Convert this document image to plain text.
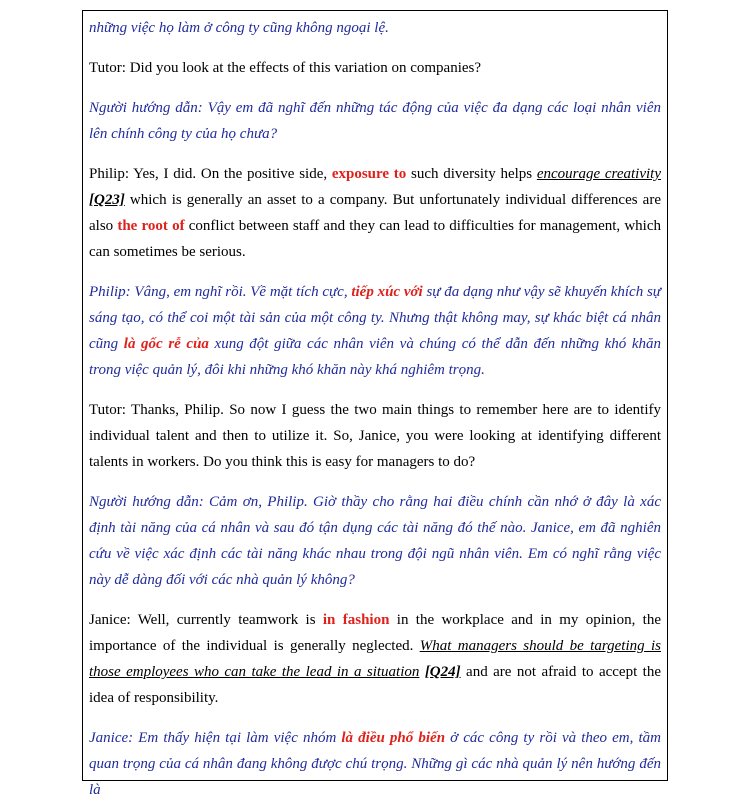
những việc họ làm ở công ty cũng không ngoại lệ.

Tutor: Did you look at the effects of this variation on companies?

Người hướng dẫn: Vậy em đã nghĩ đến những tác động của việc đa dạng các loại nhân viên lên chính công ty của họ chưa?

Philip: Yes, I did. On the positive side, exposure to such diversity helps encourage creativity [Q23] which is generally an asset to a company. But unfortunately individual differences are also the root of conflict between staff and they can lead to difficulties for management, which can sometimes be serious.

Philip: Vâng, em nghĩ rồi. Về mặt tích cực, tiếp xúc với sự đa dạng như vậy sẽ khuyến khích sự sáng tạo, có thể coi một tài sản của một công ty. Nhưng thật không may, sự khác biệt cá nhân cũng là gốc rễ của xung đột giữa các nhân viên và chúng có thể dẫn đến những khó khăn trong việc quản lý, đôi khi những khó khăn này khá nghiêm trọng.

Tutor: Thanks, Philip. So now I guess the two main things to remember here are to identify individual talent and then to utilize it. So, Janice, you were looking at identifying different talents in workers. Do you think this is easy for managers to do?

Người hướng dẫn: Cảm ơn, Philip. Giờ thầy cho rằng hai điều chính cần nhớ ở đây là xác định tài năng của cá nhân và sau đó tận dụng các tài năng đó thế nào. Janice, em đã nghiên cứu về việc xác định các tài năng khác nhau trong đội ngũ nhân viên. Em có nghĩ rằng việc này dễ dàng đối với các nhà quản lý không?

Janice: Well, currently teamwork is in fashion in the workplace and in my opinion, the importance of the individual is generally neglected. What managers should be targeting is those employees who can take the lead in a situation [Q24] and are not afraid to accept the idea of responsibility.

Janice: Em thấy hiện tại làm việc nhóm là điều phổ biến ở các công ty rồi và theo em, tầm quan trọng của cá nhân đang không được chú trọng. Những gì các nhà quản lý nên hướng đến là
